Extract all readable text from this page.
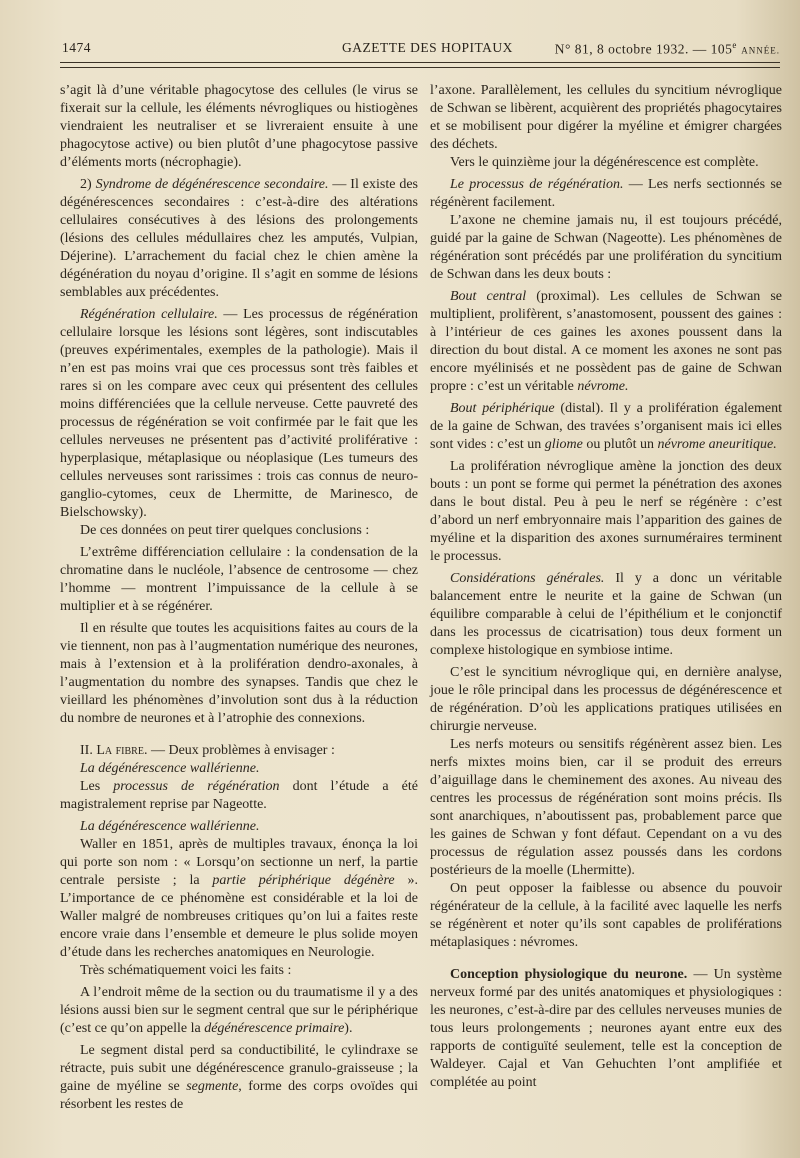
1474	GAZETTE DES HOPITAUX	N° 81, 8 octobre 1932. — 105e ANNÉE.

s’agit là d’une véritable phagocytose des cellules (le virus se fixerait sur la cellule, les éléments névrogliques ou histiogènes viendraient les neutraliser et se livreraient ensuite à une phagocytose active) ou bien plutôt d’une phagocytose passive d’éléments morts (nécrophagie).

2) Syndrome de dégénérescence secondaire. — Il existe des dégénérescences secondaires : c’est-à-dire des altérations cellulaires consécutives à des lésions des prolongements (lésions des cellules médullaires chez les amputés, Vulpian, Déjerine). L’arrachement du facial chez le chien amène la dégénération du noyau d’origine. Il s’agit en somme de lésions semblables aux précédentes.

Régénération cellulaire. — Les processus de régénération cellulaire lorsque les lésions sont légères, sont indiscutables (preuves expérimentales, exemples de la pathologie). Mais il n’en est pas moins vrai que ces processus sont très faibles et rares si on les compare avec ceux qui présentent des cellules moins différenciées que la cellule nerveuse. Cette pauvreté des processus de régénération se voit confirmée par le fait que les cellules nerveuses ne présentent pas d’activité proliférative : hyperplasique, métaplasique ou néoplasique (Les tumeurs des cellules nerveuses sont rarissimes : trois cas connus de neuro-ganglio-cytomes, ceux de Lhermitte, de Marinesco, de Bielschowsky).

De ces données on peut tirer quelques conclusions :

L’extrême différenciation cellulaire : la condensation de la chromatine dans le nucléole, l’absence de centrosome — chez l’homme — montrent l’impuissance de la cellule à se multiplier et à se régénérer.

Il en résulte que toutes les acquisitions faites au cours de la vie tiennent, non pas à l’augmentation numérique des neurones, mais à l’extension et à la prolifération dendro-axonales, à l’augmentation du nombre des synapses. Tandis que chez le vieillard les phénomènes d’involution sont dus à la réduction du nombre de neurones et à l’atrophie des connexions.

II. La fibre. — Deux problèmes à envisager :

La dégénérescence wallérienne.

Les processus de régénération dont l’étude a été magistralement reprise par Nageotte.

La dégénérescence wallérienne.

Waller en 1851, après de multiples travaux, énonça la loi qui porte son nom : « Lorsqu’on sectionne un nerf, la partie centrale persiste ; la partie périphérique dégénère ». L’importance de ce phénomène est considérable et la loi de Waller malgré de nombreuses critiques qu’on lui a faites reste encore vraie dans l’ensemble et demeure le plus solide moyen d’étude dans les recherches anatomiques en Neurologie.

Très schématiquement voici les faits :

A l’endroit même de la section ou du traumatisme il y a des lésions aussi bien sur le segment central que sur le périphérique (c’est ce qu’on appelle la dégénérescence primaire).

Le segment distal perd sa conductibilité, le cylindraxe se rétracte, puis subit une dégénérescence granulo-graisseuse ; la gaine de myéline se segmente, forme des corps ovoïdes qui résorbent les restes de

l’axone. Parallèlement, les cellules du syncitium névroglique de Schwan se libèrent, acquièrent des propriétés phagocytaires et se mobilisent pour digérer la myéline et émigrer chargées des déchets.

Vers le quinzième jour la dégénérescence est complète.

Le processus de régénération. — Les nerfs sectionnés se régénèrent facilement.

L’axone ne chemine jamais nu, il est toujours précédé, guidé par la gaine de Schwan (Nageotte). Les phénomènes de régénération sont précédés par une prolifération du syncitium de Schwan dans les deux bouts :

Bout central (proximal). Les cellules de Schwan se multiplient, prolifèrent, s’anastomosent, poussent des gaines : à l’intérieur de ces gaines les axones poussent dans la direction du bout distal. A ce moment les axones ne sont pas encore myélinisés et ne possèdent pas de gaine de Schwan propre : c’est un véritable névrome.

Bout périphérique (distal). Il y a prolifération également de la gaine de Schwan, des travées s’organisent mais ici elles sont vides : c’est un gliome ou plutôt un névrome aneuritique.

La prolifération névroglique amène la jonction des deux bouts : un pont se forme qui permet la pénétration des axones dans le bout distal. Peu à peu le nerf se régénère : c’est d’abord un nerf embryonnaire mais l’apparition des gaines de myéline et la disparition des axones surnuméraires terminent le processus.

Considérations générales. Il y a donc un véritable balancement entre le neurite et la gaine de Schwan (un équilibre comparable à celui de l’épithélium et le conjonctif dans les processus de cicatrisation) tous deux forment un complexe histologique en symbiose intime.

C’est le syncitium névroglique qui, en dernière analyse, joue le rôle principal dans les processus de dégénérescence et de régénération. D’où les applications pratiques utilisées en chirurgie nerveuse.

Les nerfs moteurs ou sensitifs régénèrent assez bien. Les nerfs mixtes moins bien, car il se produit des erreurs d’aiguillage dans le cheminement des axones. Au niveau des centres les processus de régénération sont moins précis. Ils sont anarchiques, n’aboutissent pas, probablement parce que les gaines de Schwan y font défaut. Cependant on a vu des processus de régulation assez poussés dans les cordons postérieurs de la moelle (Lhermitte).

On peut opposer la faiblesse ou absence du pouvoir régénérateur de la cellule, à la facilité avec laquelle les nerfs se régénèrent et noter qu’ils sont capables de proliférations métaplasiques : névromes.

Conception physiologique du neurone. — Un système nerveux formé par des unités anatomiques et physiologiques : les neurones, c’est-à-dire par des cellules nerveuses munies de tous leurs prolongements ; neurones ayant entre eux des rapports de contiguïté seulement, telle est la conception de Waldeyer. Cajal et Van Gehuchten l’ont amplifiée et complétée au point
